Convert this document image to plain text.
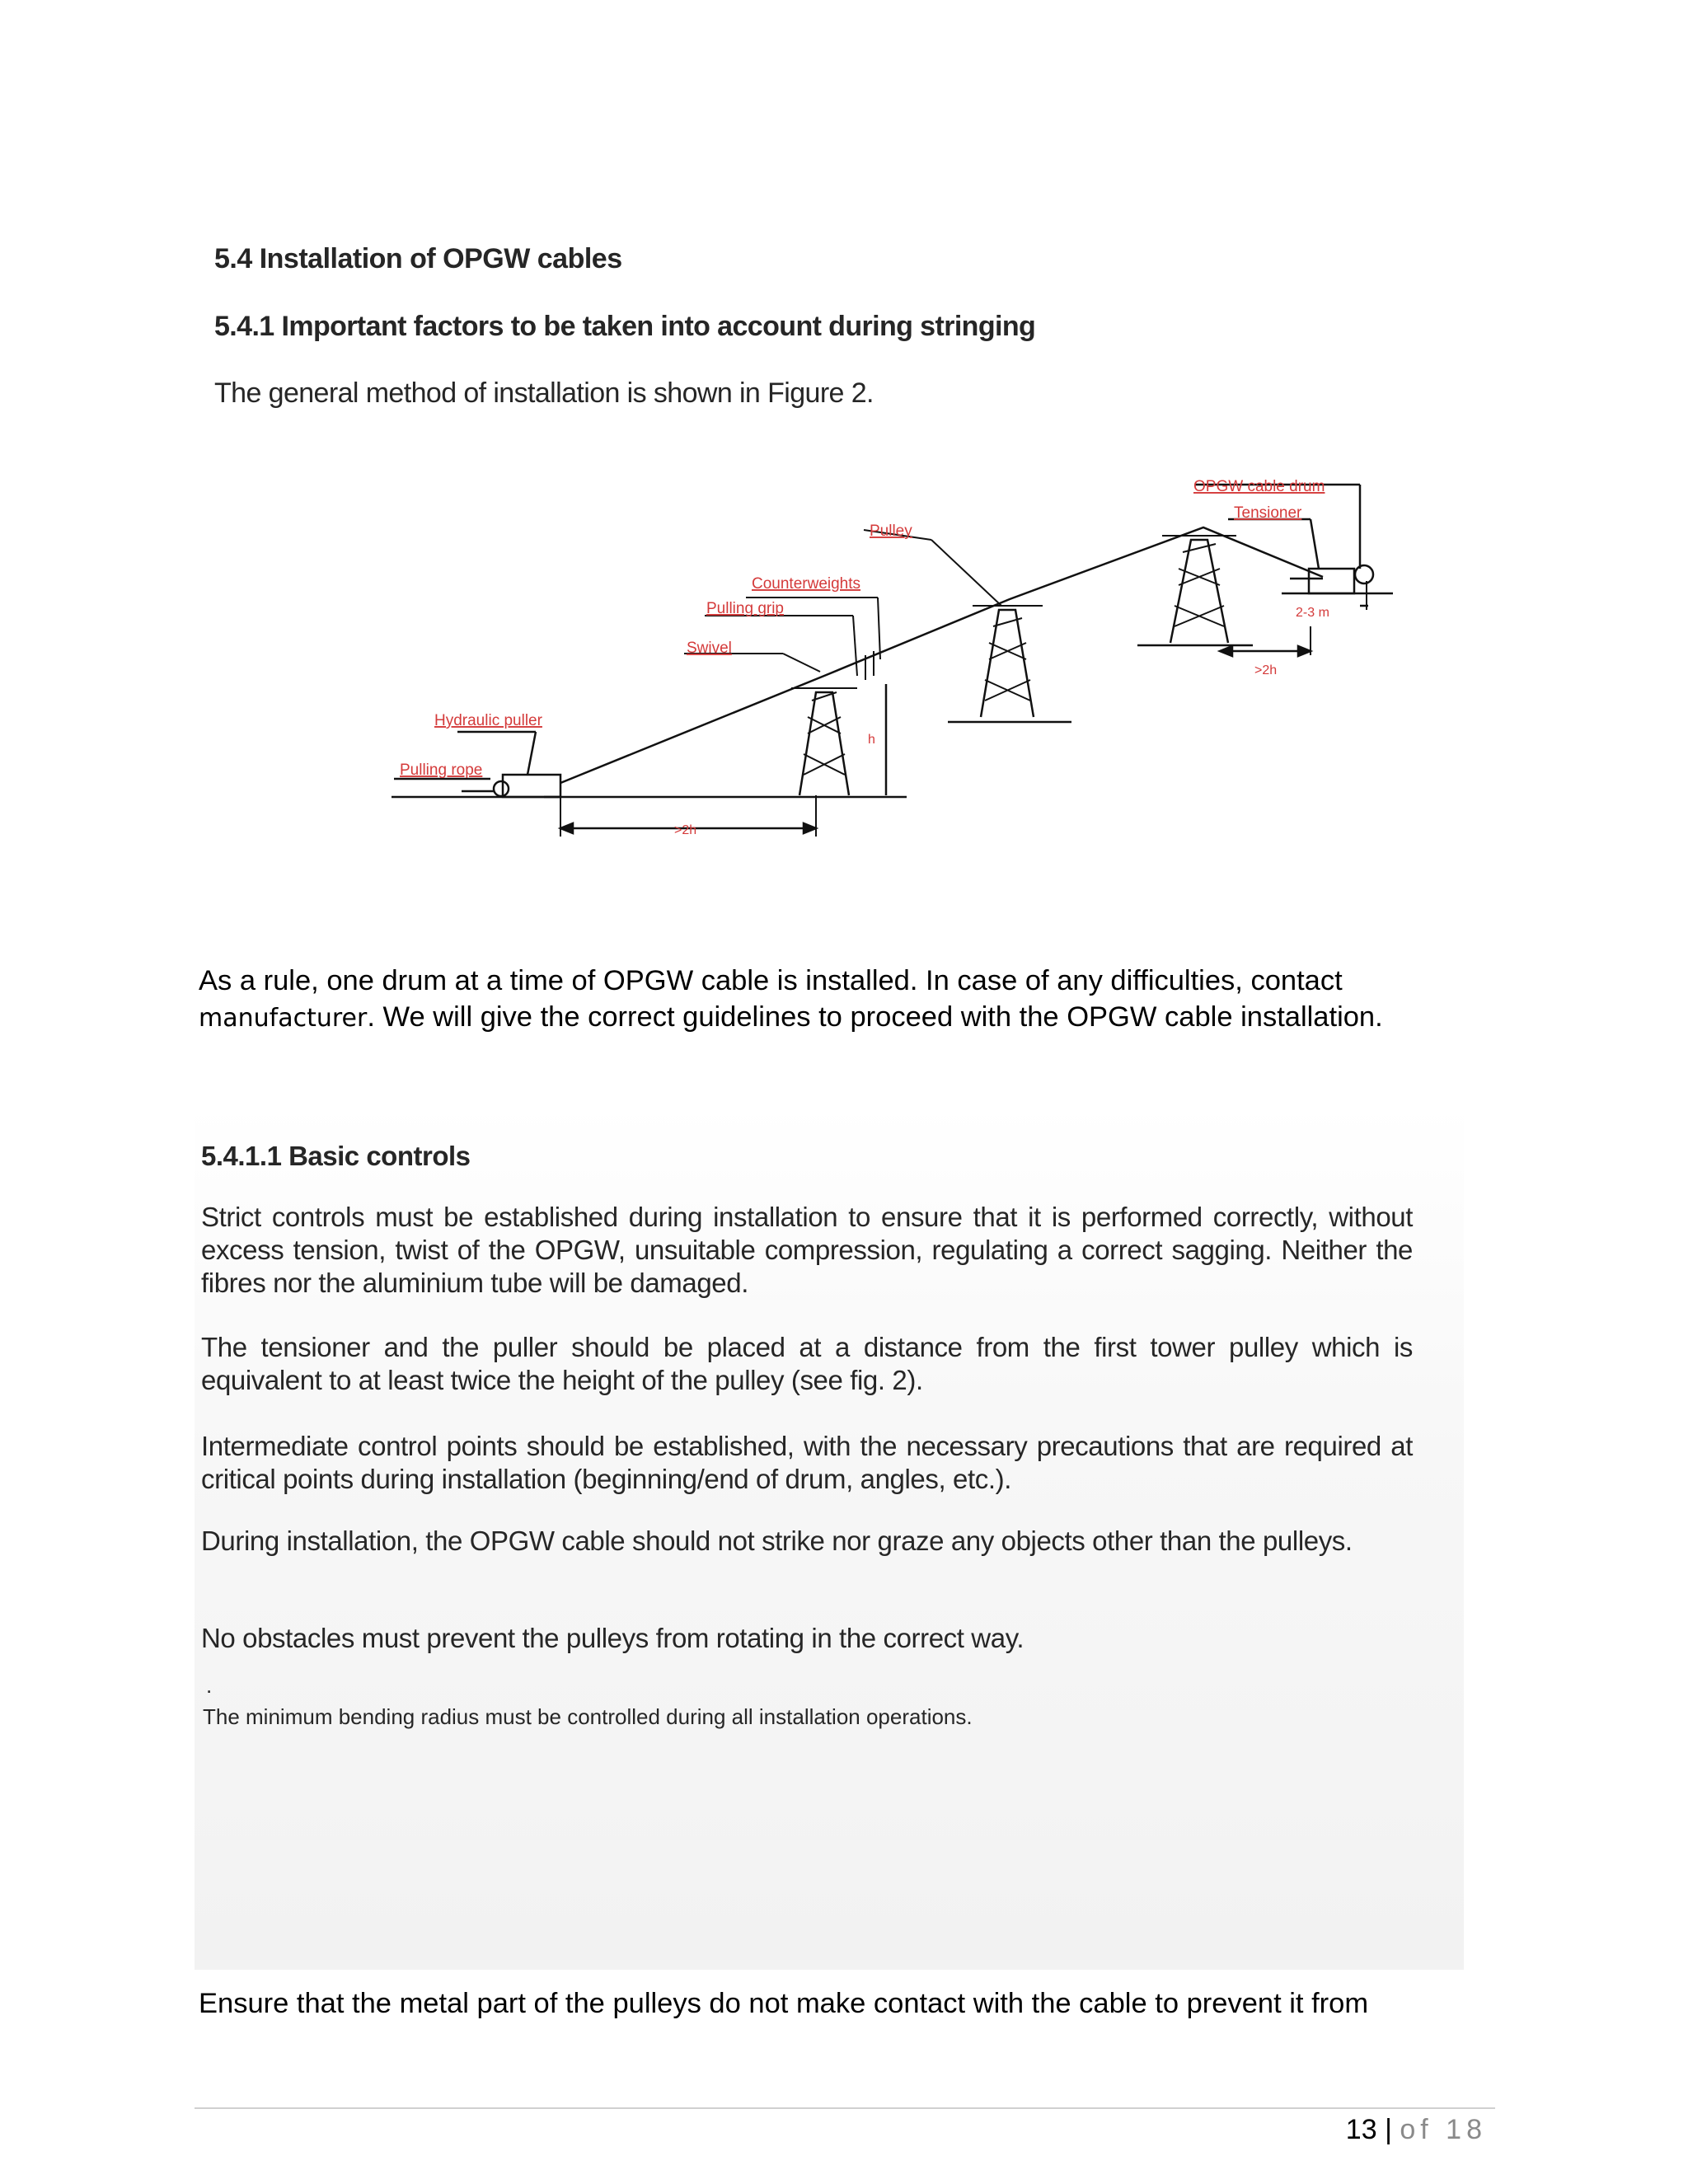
5.4 Installation of OPGW cables
5.4.1 Important factors to be taken into account during stringing

The general method of installation is shown in Figure 2.

OPGW cable drum
Tensioner
Pulley
Counterweights
Pulling grip
Swivel
Hydraulic puller
Pulling rope
h
>2h
>2h
2-3 m

As a rule, one drum at a time of OPGW cable is installed. In case of any difficulties, contact
manufacturer. We will give the correct guidelines to proceed with the OPGW cable installation.

5.4.1.1 Basic controls

Strict controls must be established during installation to ensure that it is performed correctly, without excess tension, twist of the OPGW, unsuitable compression, regulating a correct sagging. Neither the fibres nor the aluminium tube will be damaged.

The tensioner and the puller should be placed at a distance from the first tower pulley which is equivalent to at least twice the height of the pulley (see fig. 2).

Intermediate control points should be established, with the necessary precautions that are required at critical points during installation (beginning/end of drum, angles, etc.).

During installation, the OPGW cable should not strike nor graze any objects other than the pulleys.

No obstacles must prevent the pulleys from rotating in the correct way.

.

The minimum bending radius must be controlled during all installation operations.

Ensure that the metal part of the pulleys do not make contact with the cable to prevent it from

13 | of 18
